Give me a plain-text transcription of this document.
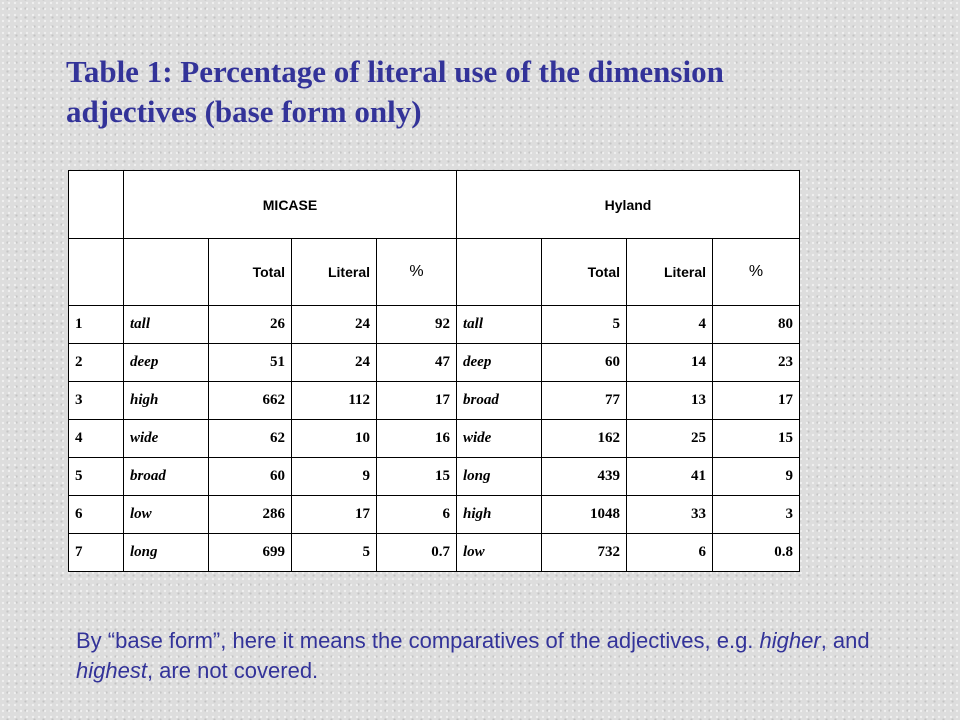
Table 1: Percentage of literal use of the dimension
adjectives (base form only)
	MICASE				Hyland			
		Total	Literal	%		Total	Literal	%
1	tall	26	24	92	tall	5	4	80
2	deep	51	24	47	deep	60	14	23
3	high	662	112	17	broad	77	13	17
4	wide	62	10	16	wide	162	25	15
5	broad	60	9	15	long	439	41	9
6	low	286	17	6	high	1048	33	3
7	long	699	5	0.7	low	732	6	0.8
By “base form”, here it means the comparatives of the adjectives, e.g. higher, and highest, are not covered.
